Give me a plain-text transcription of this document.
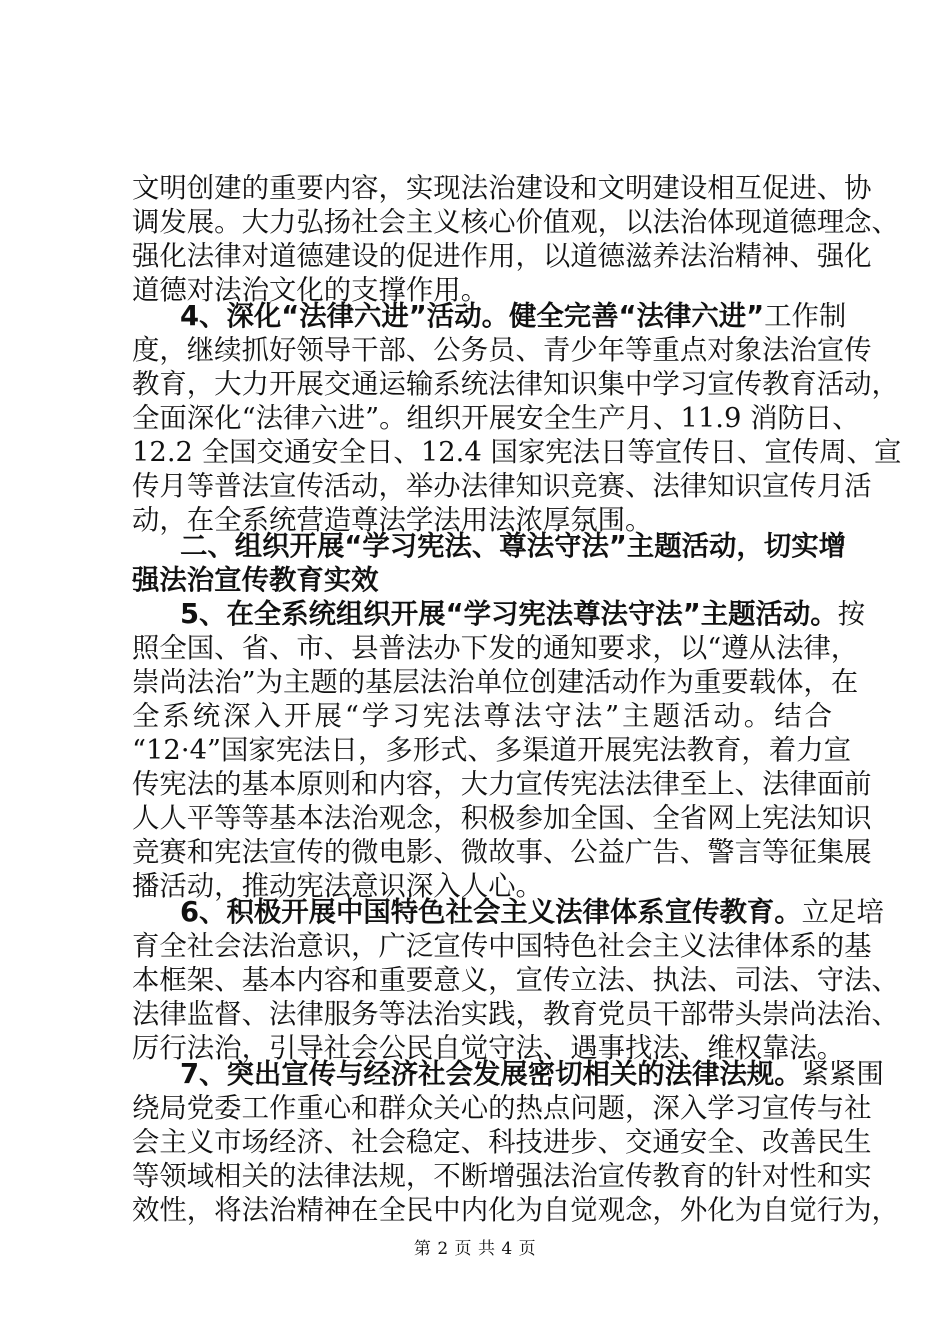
文明创建的重要内容，实现法治建设和文明建设相互促进、协
调发展。大力弘扬社会主义核心价值观，以法治体现道德理念、
强化法律对道德建设的促进作用，以道德滋养法治精神、强化
道德对法治文化的支撑作用。
4、深化“法律六进”活动。健全完善“法律六进”工作制
度，继续抓好领导干部、公务员、青少年等重点对象法治宣传
教育，大力开展交通运输系统法律知识集中学习宣传教育活动，
全面深化“法律六进”。组织开展安全生产月、11.9 消防日、
12.2 全国交通安全日、12.4 国家宪法日等宣传日、宣传周、宣
传月等普法宣传活动，举办法律知识竞赛、法律知识宣传月活
动，在全系统营造尊法学法用法浓厚氛围。
二、组织开展“学习宪法、尊法守法”主题活动，切实增
强法治宣传教育实效
5、在全系统组织开展“学习宪法尊法守法”主题活动。按
照全国、省、市、县普法办下发的通知要求，以“遵从法律，
崇尚法治”为主题的基层法治单位创建活动作为重要载体，在
全系统深入开展“学习宪法尊法守法”主题活动。结合
“12·4”国家宪法日，多形式、多渠道开展宪法教育，着力宣
传宪法的基本原则和内容，大力宣传宪法法律至上、法律面前
人人平等等基本法治观念，积极参加全国、全省网上宪法知识
竞赛和宪法宣传的微电影、微故事、公益广告、警言等征集展
播活动，推动宪法意识深入人心。
6、积极开展中国特色社会主义法律体系宣传教育。立足培
育全社会法治意识，广泛宣传中国特色社会主义法律体系的基
本框架、基本内容和重要意义，宣传立法、执法、司法、守法、
法律监督、法律服务等法治实践，教育党员干部带头崇尚法治、
厉行法治，引导社会公民自觉守法、遇事找法、维权靠法。
7、突出宣传与经济社会发展密切相关的法律法规。紧紧围
绕局党委工作重心和群众关心的热点问题，深入学习宣传与社
会主义市场经济、社会稳定、科技进步、交通安全、改善民生
等领域相关的法律法规，不断增强法治宣传教育的针对性和实
效性，将法治精神在全民中内化为自觉观念，外化为自觉行为，
第 2 页 共 4 页
